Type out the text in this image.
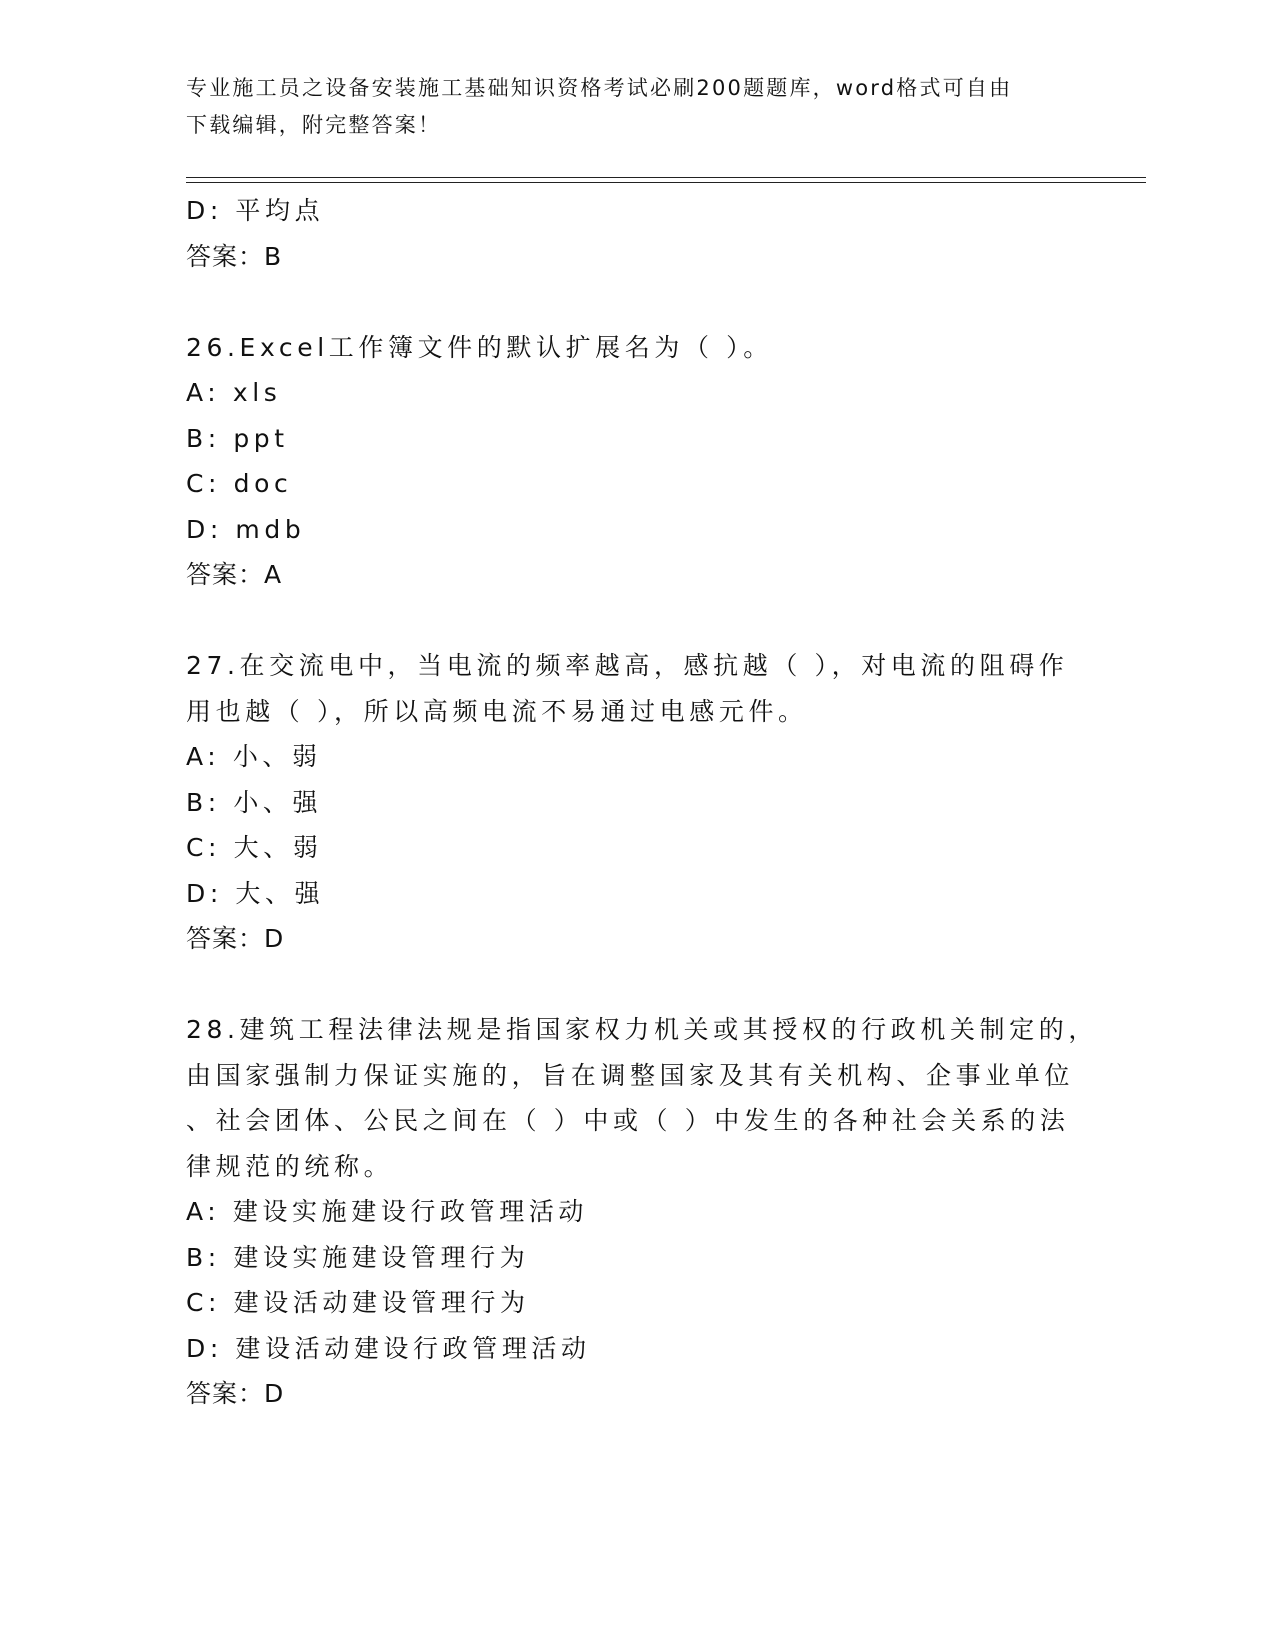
专业施工员之设备安装施工基础知识资格考试必刷200题题库，word格式可自由
下载编辑，附完整答案！
D: 平均点
答案：B
26.Excel工作簿文件的默认扩展名为（ ）。
A: xls
B: ppt
C: doc
D: mdb
答案：A
27.在交流电中，当电流的频率越高，感抗越（ ），对电流的阻碍作
用也越（ ），所以高频电流不易通过电感元件。
A: 小、弱
B: 小、强
C: 大、弱
D: 大、强
答案：D
28.建筑工程法律法规是指国家权力机关或其授权的行政机关制定的，
由国家强制力保证实施的，旨在调整国家及其有关机构、企事业单位
、社会团体、公民之间在（ ）中或（ ）中发生的各种社会关系的法
律规范的统称。
A: 建设实施建设行政管理活动
B: 建设实施建设管理行为
C: 建设活动建设管理行为
D: 建设活动建设行政管理活动
答案：D
